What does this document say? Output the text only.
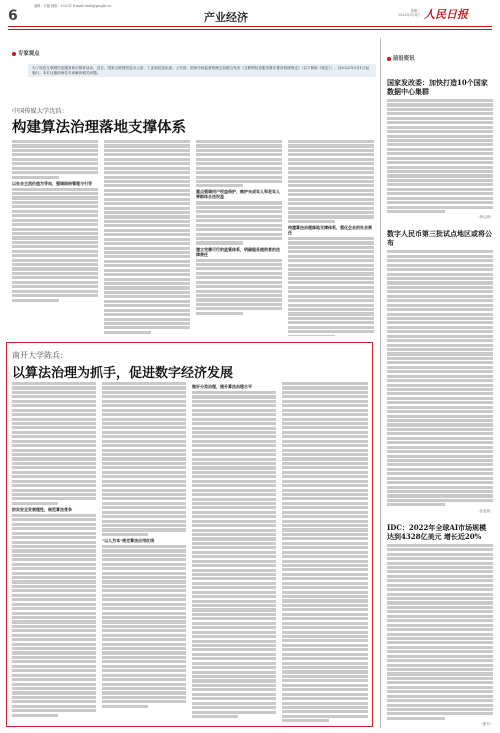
6
编辑：安徽 邮箱：2022年 E-mail:rmrb@people.cn
产业经济	星期二
2022年3月8日 人民日报
专家观点
为了规范互联网信息服务算法推荐活动，近日，国家互联网信息办公室、工业和信息化部、公安部、国家市场监督管理总局联合发布《互联网信息服务算法推荐管理规定》（以下简称《规定》），自2022年3月1日起施行。本栏目邀请两位专家解读相关问题。
中国传媒大学沈浩：
构建算法治理落地支撑体系
以社会主流价值为导向，强调网络管理与引导
重点强调用户权益保护，维护未成年人和老年人等群体合法权益
建立完善可行的监管体系，明确服务提供者的法律责任
构建算法治理落地支撑体系，强化企业的社会责任
南开大学陈兵：
以算法治理为抓手，促进数字经济发展
防实安全发展理性，规范算法竞争
"以人为本"规定算法应用红线
做好分类治理，提升算法治理水平
前沿资讯
国家发改委：加快打造10个国家数据中心集群
（李心萍）
数字人民币第三批试点地区或将公布
（谷业凯）
IDC：2022年全球AI市场规模达到4328亿美元 增长近20%
（张兴）
